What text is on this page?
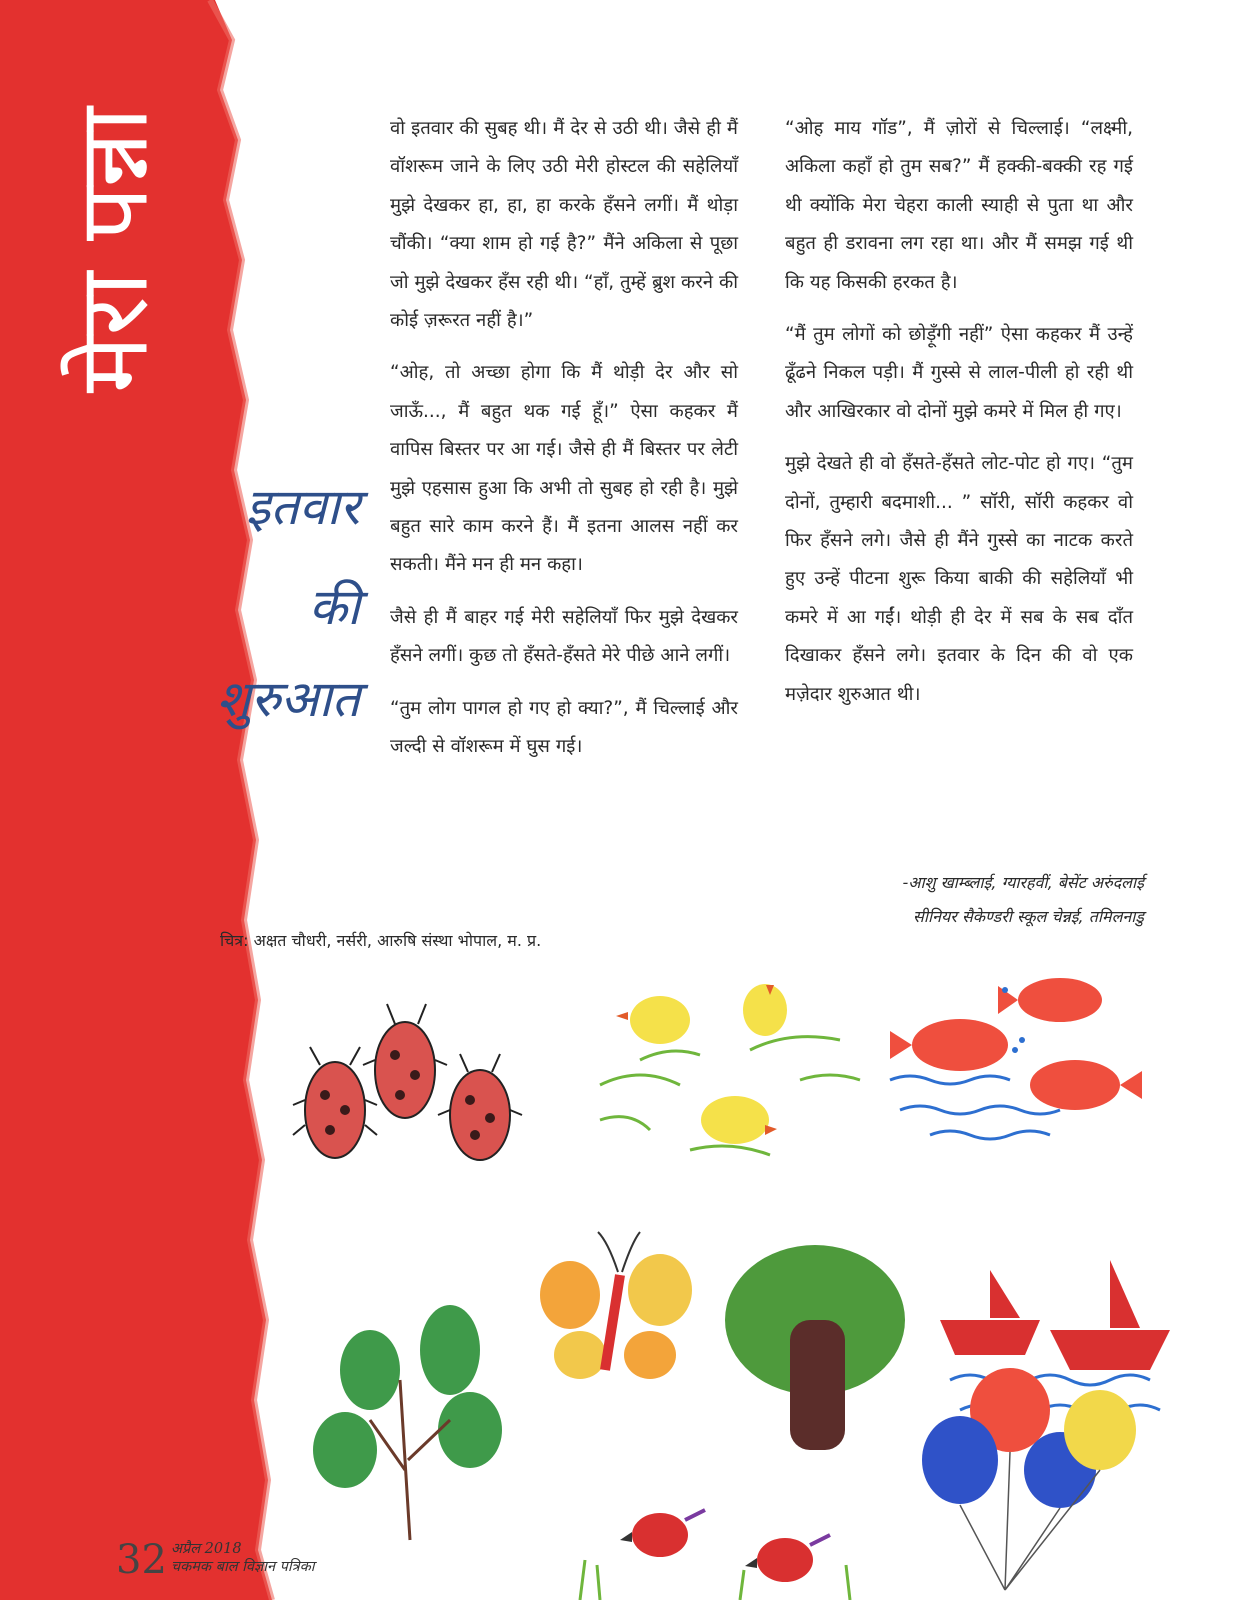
मेरा पन्ना
इतवार
की
शुरुआत

वो इतवार की सुबह थी। मैं देर से उठी थी। जैसे ही मैं वॉशरूम जाने के लिए उठी मेरी होस्टल की सहेलियाँ मुझे देखकर हा, हा, हा करके हँसने लगीं। मैं थोड़ा चौंकी। “क्या शाम हो गई है?” मैंने अकिला से पूछा जो मुझे देखकर हँस रही थी। “हाँ, तुम्हें ब्रुश करने की कोई ज़रूरत नहीं है।”

“ओह, तो अच्छा होगा कि मैं थोड़ी देर और सो जाऊँ..., मैं बहुत थक गई हूँ।” ऐसा कहकर मैं वापिस बिस्तर पर आ गई। जैसे ही मैं बिस्तर पर लेटी मुझे एहसास हुआ कि अभी तो सुबह हो रही है। मुझे बहुत सारे काम करने हैं। मैं इतना आलस नहीं कर सकती। मैंने मन ही मन कहा।

जैसे ही मैं बाहर गई मेरी सहेलियाँ फिर मुझे देखकर हँसने लगीं। कुछ तो हँसते-हँसते मेरे पीछे आने लगीं।

“तुम लोग पागल हो गए हो क्या?”, मैं चिल्लाई और जल्दी से वॉशरूम में घुस गई।

“ओह माय गॉड”, मैं ज़ोरों से चिल्लाई। “लक्ष्मी, अकिला कहाँ हो तुम सब?” मैं हक्की-बक्की रह गई थी क्योंकि मेरा चेहरा काली स्याही से पुता था और बहुत ही डरावना लग रहा था। और मैं समझ गई थी कि यह किसकी हरकत है।

“मैं तुम लोगों को छोड़ूँगी नहीं” ऐसा कहकर मैं उन्हें ढूँढने निकल पड़ी। मैं गुस्से से लाल-पीली हो रही थी और आखिरकार वो दोनों मुझे कमरे में मिल ही गए।

मुझे देखते ही वो हँसते-हँसते लोट-पोट हो गए। “तुम दोनों, तुम्हारी बदमाशी... ” सॉरी, सॉरी कहकर वो फिर हँसने लगे। जैसे ही मैंने गुस्से का नाटक करते हुए उन्हें पीटना शुरू किया बाकी की सहेलियाँ भी कमरे में आ गईं। थोड़ी ही देर में सब के सब दाँत दिखाकर हँसने लगे। इतवार के दिन की वो एक मज़ेदार शुरुआत थी।

-आशु खाम्ब्लाई, ग्यारहवीं, बेसेंट अरुंदलाई
सीनियर सैकेण्डरी स्कूल चेन्नई, तमिलनाडु
चित्र: अक्षत चौधरी, नर्सरी, आरुषि संस्था भोपाल, म. प्र.
32 अप्रैल 2018
चकमक बाल विज्ञान पत्रिका
